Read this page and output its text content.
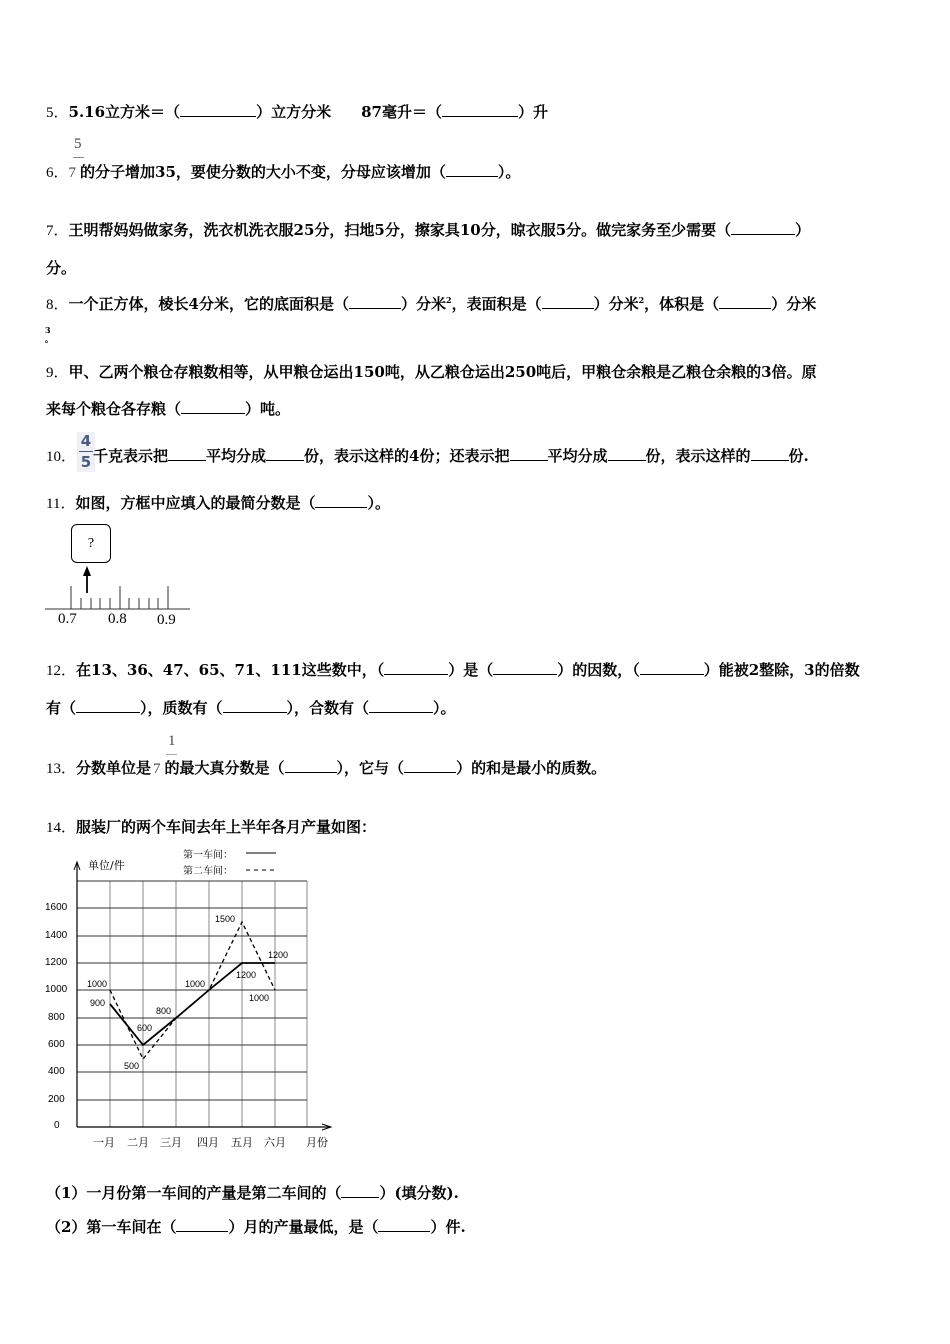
5．5.16立方米＝（	）立方分米 87毫升＝（	）升
5
6．7 的分子增加35，要使分数的大小不变，分母应该增加（	）。
7．王明帮妈妈做家务，洗衣机洗衣服25分，扫地5分，擦家具10分，晾衣服5分。做完家务至少需要（	）
分。
8．一个正方体，棱长4分米，它的底面积是（	）分米$^2$，表面积是（	）分米$^2$，体积是（	）分米
3
。
9．甲、乙两个粮仓存粮数相等，从甲粮仓运出150吨，从乙粮仓运出250吨后，甲粮仓余粮是乙粮仓余粮的3倍。原
来每个粮仓各存粮（	）吨。
4
5
10． 千克表示把	平均分成	份，表示这样的4份；还表示把	平均分成	份，表示这样的	份.
11．如图，方框中应填入的最简分数是（	）。
?
0.7 0.8 0.9
12．在13、36、47、65、71、111这些数中，（	）是（	）的因数，（	）能被2整除，3的倍数
有（	），质数有（	），合数有（	）。
1
13．分数单位是 7 的最大真分数是（	），它与（	）的和是最小的质数。
14．服装厂的两个车间去年上半年各月产量如图：
单位/件
第一车间：
第二车间：
1600
1400
1200
1000
800
600
400
200
0
一月 二月 三月 四月 五月 六月 月份
1000
900
600
500
800
1000
1500
1200
1200
1000
（1）一月份第一车间的产量是第二车间的（	）(填分数).
（2）第一车间在（	）月的产量最低，是（	）件.
